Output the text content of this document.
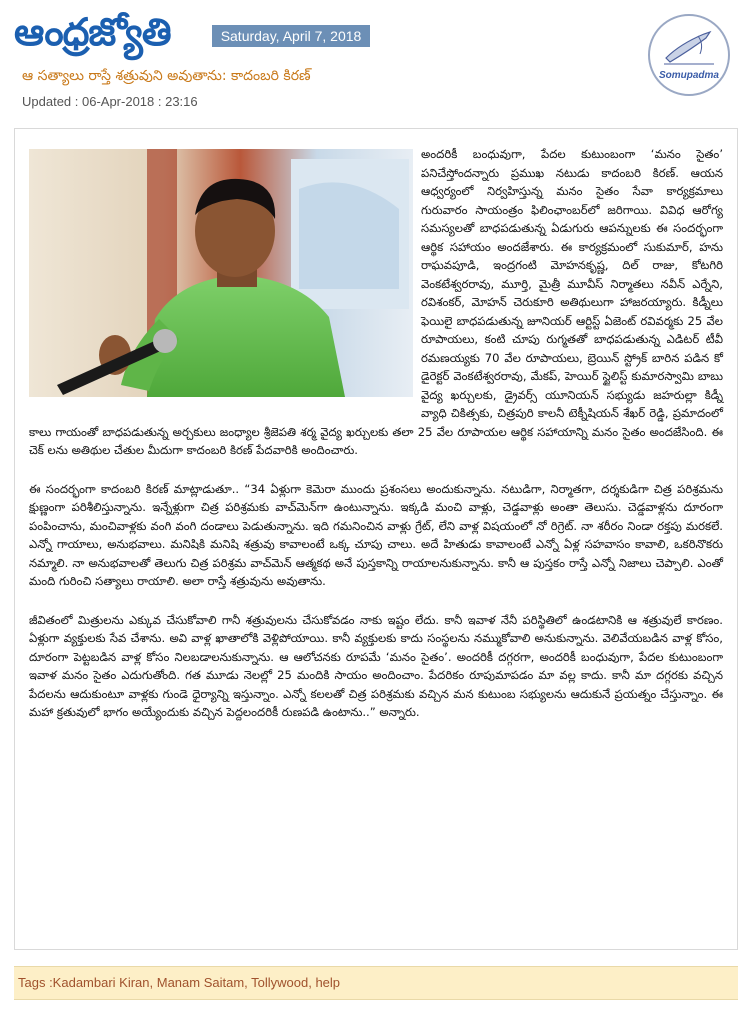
ఆంధ్రజ్యోతి	Saturday, April 7, 2018
Somupadma
ఆ సత్యాలు రాస్తే శత్రువుని అవుతాను: కాదంబరి కిరణ్
Updated : 06-Apr-2018 : 23:16

అందరికీ బంధువుగా, పేదల కుటుంబంగా ‘మనం సైతం’ పనిచేస్తోందన్నారు ప్రముఖ నటుడు కాదంబరి కిరణ్‌. ఆయన ఆధ్వర్యంలో నిర్వహిస్తున్న మనం సైతం సేవా కార్యక్రమాలు గురువారం సాయంత్రం ఫిలింఛాంబర్‌లో జరిగాయి. వివిధ ఆరోగ్య సమస్యలతో బాధపడుతున్న ఏడుగురు ఆపన్నులకు ఈ సందర్భంగా ఆర్థిక సహాయం అందజేశారు. ఈ కార్యక్రమంలో సుకుమార్‌, హను రాఘవపూడి, ఇంద్రగంటి మోహనకృష్ణ, దిల్‌ రాజు, కోటగిరి వెంకటేశ్వరరావు, మూర్తి, మైత్రీ మూవీస్‌ నిర్మాతలు నవీన్‌ ఎర్నేని, రవిశంకర్‌, మోహన్‌ చెరుకూరి అతిథులుగా హాజరయ్యారు. కిడ్నీలు ఫెయిలై బాధపడుతున్న జూనియర్‌ ఆర్టిస్ట్‌ ఏజెంట్‌ రవివర్మకు 25 వేల రూపాయలు, కంటి చూపు రుగ్మతతో బాధపడుతున్న ఎడిటర్‌ టీవీ రమణయ్యకు 70 వేల రూపాయలు, బ్రెయిన్‌ స్ట్రోక్‌ బారిన పడిన కో డైరెక్టర్‌ వెంకటేశ్వరరావు, మేకప్‌, హెయిర్‌ స్టైలిస్ట్‌ కుమారస్వామి బాబు వైద్య ఖర్చులకు, డ్రైవర్స్‌ యూనియన్‌ సభ్యుడు జహరుల్లా కిడ్నీ వ్యాధి చికిత్సకు, చిత్రపురి కాలనీ టెక్నీషియన్‌ శేఖర్‌ రెడ్డి, ప్రమాదంలో కాలు గాయంతో బాధపడుతున్న అర్చకులు జంధ్యాల శ్రీజెపతి శర్మ వైద్య ఖర్చులకు తలా 25 వేల రూపాయల ఆర్థిక సహాయాన్ని మనం సైతం అందజేసింది. ఈ చెక్‌ లను అతిథుల చేతుల మీదుగా కాదంబరి కిరణ్‌ పేదవారికి అందించారు.

ఈ సందర్భంగా కాదంబరి కిరణ్‌ మాట్లాడుతూ.. “34 ఏళ్లుగా కెమెరా ముందు ప్రశంసలు అందుకున్నాను. నటుడిగా, నిర్మాతగా, దర్శకుడిగా చిత్ర పరిశ్రమను క్షుణ్ణంగా పరిశీలిస్తున్నాను. ఇన్నేళ్లుగా చిత్ర పరిశ్రమకు వాచ్‌మెన్‌గా ఉంటున్నాను. ఇక్కడి మంచి వాళ్లు, చెడ్డవాళ్లు అంతా తెలుసు. చెడ్డవాళ్లను దూరంగా పంపించాను, మంచివాళ్లకు వంగి వంగి దండాలు పెడుతున్నాను. ఇది గమనించిన వాళ్లు గ్రేట్‌, లేని వాళ్ల విషయంలో నో రిగ్రెట్‌. నా శరీరం నిండా రక్తపు మరకలే. ఎన్నో గాయాలు, అనుభవాలు. మనిషికి మనిషి శత్రువు కావాలంటే ఒక్క చూపు చాలు. అదే హితుడు కావాలంటే ఎన్నో ఏళ్ల సహవాసం కావాలి, ఒకరినొకరు నమ్మాలి. నా అనుభవాలతో తెలుగు చిత్ర పరిశ్రమ వాచ్‌మెన్‌ ఆత్మకథ అనే పుస్తకాన్ని రాయాలనుకున్నాను. కానీ ఆ పుస్తకం రాస్తే ఎన్నో నిజాలు చెప్పాలి. ఎంతో మంది గురించి సత్యాలు రాయాలి. అలా రాస్తే శత్రువును అవుతాను.

జీవితంలో మిత్రులను ఎక్కువ చేసుకోవాలి గానీ శత్రువులను చేసుకోవడం నాకు ఇష్టం లేదు. కానీ ఇవాళ నేనీ పరిస్థితిలో ఉండటానికి ఆ శత్రువులే కారణం. ఏళ్లుగా వ్యక్తులకు సేవ చేశాను. అవి వాళ్ల ఖాతాలోకి వెళ్లిపోయాయి. కానీ వ్యక్తులకు కాదు సంస్థలను నమ్ముకోవాలి అనుకున్నాను. వెలివేయబడిన వాళ్ల కోసం, దూరంగా పెట్టబడిన వాళ్ల కోసం నిలబడాలనుకున్నాను. ఆ ఆలోచనకు రూపమే ‘మనం సైతం’. అందరికీ దగ్గరగా, అందరికీ బంధువుగా, పేదల కుటుంబంగా ఇవాళ మనం సైతం ఎదుగుతోంది. గత మూడు నెలల్లో 25 మందికి సాయం అందించాం. పేదరికం రూపుమాపడం మా వల్ల కాదు. కానీ మా దగ్గరకు వచ్చిన పేదలను ఆదుకుంటూ వాళ్లకు గుండె ధైర్యాన్ని ఇస్తున్నాం. ఎన్నో కలలతో చిత్ర పరిశ్రమకు వచ్చిన మన కుటుంబ సభ్యులను ఆదుకునే ప్రయత్నం చేస్తున్నాం. ఈ మహా క్రతువులో భాగం అయ్యేందుకు వచ్చిన పెద్దలందరికీ రుణపడి ఉంటాను..” అన్నారు.

Tags :Kadambari Kiran, Manam Saitam, Tollywood, help
